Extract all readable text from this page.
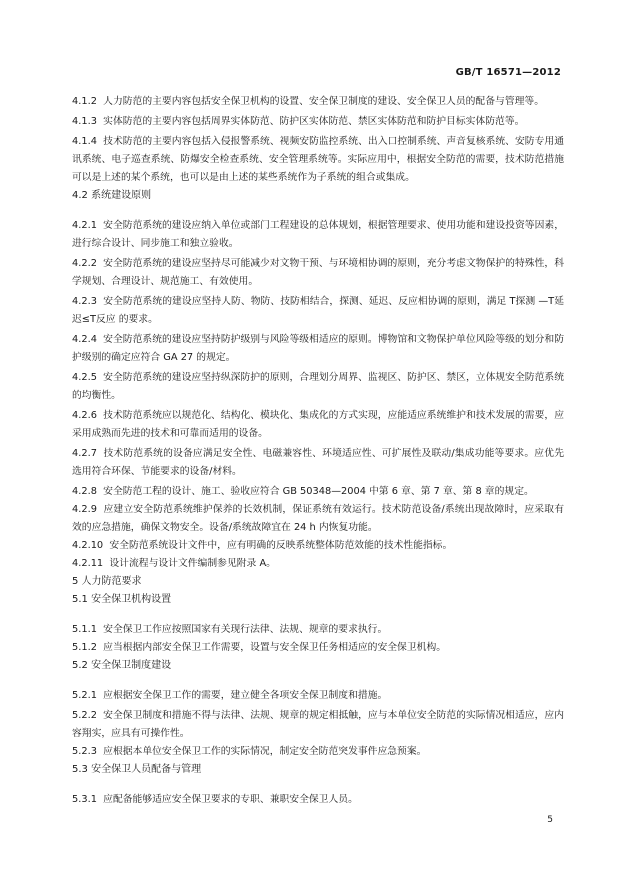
GB/T 16571—2012

4.1.2  人力防范的主要内容包括安全保卫机构的设置、安全保卫制度的建设、安全保卫人员的配备与管理等。

4.1.3  实体防范的主要内容包括周界实体防范、防护区实体防范、禁区实体防范和防护目标实体防范等。

4.1.4  技术防范的主要内容包括入侵报警系统、视频安防监控系统、出入口控制系统、声音复核系统、安防专用通讯系统、电子巡查系统、防爆安全检查系统、安全管理系统等。实际应用中，根据安全防范的需要，技术防范措施可以是上述的某个系统，也可以是由上述的某些系统作为子系统的组合或集成。

4.2 系统建设原则

4.2.1  安全防范系统的建设应纳入单位或部门工程建设的总体规划，根据管理要求、使用功能和建设投资等因素，进行综合设计、同步施工和独立验收。

4.2.2  安全防范系统的建设应坚持尽可能减少对文物干预、与环境相协调的原则，充分考虑文物保护的特殊性，科学规划、合理设计、规范施工、有效使用。

4.2.3  安全防范系统的建设应坚持人防、物防、技防相结合，探测、延迟、反应相协调的原则，满足 T探测 —T延迟≤T反应 的要求。

4.2.4  安全防范系统的建设应坚持防护级别与风险等级相适应的原则。博物馆和文物保护单位风险等级的划分和防护级别的确定应符合 GA 27 的规定。

4.2.5  安全防范系统的建设应坚持纵深防护的原则，合理划分周界、监视区、防护区、禁区，立体规安全防范系统的均衡性。

4.2.6  技术防范系统应以规范化、结构化、模块化、集成化的方式实现，应能适应系统维护和技术发展的需要，应采用成熟而先进的技术和可靠而适用的设备。

4.2.7  技术防范系统的设备应满足安全性、电磁兼容性、环境适应性、可扩展性及联动/集成功能等要求。应优先选用符合环保、节能要求的设备/材料。

4.2.8  安全防范工程的设计、施工、验收应符合 GB 50348—2004 中第 6 章、第 7 章、第 8 章的规定。

4.2.9  应建立安全防范系统维护保养的长效机制，保证系统有效运行。技术防范设备/系统出现故障时，应采取有效的应急措施，确保文物安全。设备/系统故障宜在 24 h 内恢复功能。

4.2.10  安全防范系统设计文件中，应有明确的反映系统整体防范效能的技术性能指标。

4.2.11  设计流程与设计文件编制参见附录 A。

5 人力防范要求

5.1 安全保卫机构设置

5.1.1  安全保卫工作应按照国家有关现行法律、法规、规章的要求执行。

5.1.2  应当根据内部安全保卫工作需要，设置与安全保卫任务相适应的安全保卫机构。

5.2 安全保卫制度建设

5.2.1  应根据安全保卫工作的需要，建立健全各项安全保卫制度和措施。

5.2.2  安全保卫制度和措施不得与法律、法规、规章的规定相抵触，应与本单位安全防范的实际情况相适应，应内容翔实，应具有可操作性。

5.2.3  应根据本单位安全保卫工作的实际情况，制定安全防范突发事件应急预案。

5.3 安全保卫人员配备与管理

5.3.1  应配备能够适应安全保卫要求的专职、兼职安全保卫人员。

5
